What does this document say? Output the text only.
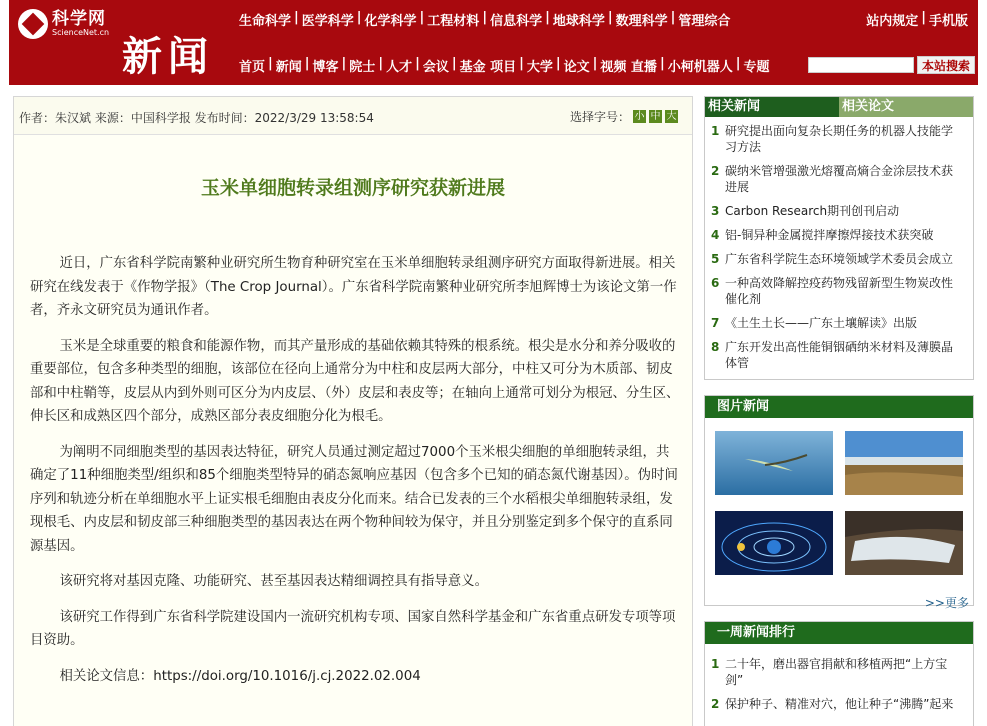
科学网
ScienceNet.cn
新闻
生命科学 | 医学科学 | 化学科学 | 工程材料 | 信息科学 | 地球科学 | 数理科学 | 管理综合	站内规定 | 手机版
首页 | 新闻 | 博客 | 院士 | 人才 | 会议 | 基金 项目 | 大学 | 论文 | 视频 直播 | 小柯机器人 | 专题	本站搜索
作者：朱汉斌 来源：中国科学报 发布时间：2022/3/29 13:58:54	选择字号： 小 中 大
玉米单细胞转录组测序研究获新进展

近日，广东省科学院南繁种业研究所生物育种研究室在玉米单细胞转录组测序研究方面取得新进展。相关研究在线发表于《作物学报》（The Crop Journal）。广东省科学院南繁种业研究所李旭辉博士为该论文第一作者，齐永文研究员为通讯作者。

玉米是全球重要的粮食和能源作物，而其产量形成的基础依赖其特殊的根系统。根尖是水分和养分吸收的重要部位，包含多种类型的细胞，该部位在径向上通常分为中柱和皮层两大部分，中柱又可分为木质部、韧皮部和中柱鞘等，皮层从内到外则可区分为内皮层、（外）皮层和表皮等；在轴向上通常可划分为根冠、分生区、伸长区和成熟区四个部分，成熟区部分表皮细胞分化为根毛。

为阐明不同细胞类型的基因表达特征，研究人员通过测定超过7000个玉米根尖细胞的单细胞转录组，共确定了11种细胞类型/组织和85个细胞类型特异的硝态氮响应基因（包含多个已知的硝态氮代谢基因）。伪时间序列和轨迹分析在单细胞水平上证实根毛细胞由表皮分化而来。结合已发表的三个水稻根尖单细胞转录组，发现根毛、内皮层和韧皮部三种细胞类型的基因表达在两个物种间较为保守，并且分别鉴定到多个保守的直系同源基因。

该研究将对基因克隆、功能研究、甚至基因表达精细调控具有指导意义。

该研究工作得到广东省科学院建设国内一流研究机构专项、国家自然科学基金和广东省重点研发专项等项目资助。

相关论文信息：https://doi.org/10.1016/j.cj.2022.02.004

相关新闻	相关论文
1 研究提出面向复杂长期任务的机器人技能学习方法
2 碳纳米管增强激光熔覆高熵合金涂层技术获进展
3 Carbon Research期刊创刊启动
4 铝-铜异种金属搅拌摩擦焊接技术获突破
5 广东省科学院生态环境领域学术委员会成立
6 一种高效降解控疫药物残留新型生物炭改性催化剂
7 《土生土长——广东土壤解读》出版
8 广东开发出高性能铜铟硒纳米材料及薄膜晶体管
图片新闻
>>更多
一周新闻排行
1 二十年，磨出器官捐献和移植两把“上方宝剑”
2 保护种子、精准对穴，他让种子“沸腾”起来
